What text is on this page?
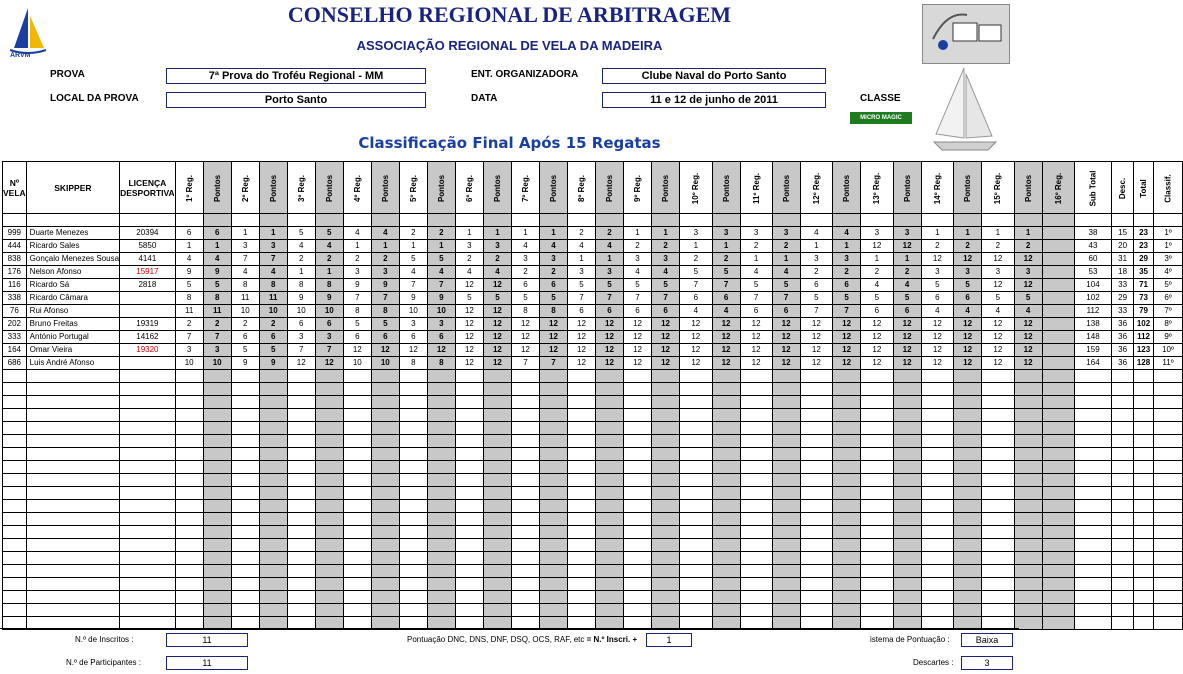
ARVM
CONSELHO REGIONAL DE ARBITRAGEM
ASSOCIAÇÃO REGIONAL DE VELA DA MADEIRA
PROVA	7ª Prova do Troféu Regional - MM	ENT. ORGANIZADORA	Clube Naval do Porto Santo
LOCAL DA PROVA	Porto Santo	DATA	11 e 12 de junho de 2011	CLASSE
MICRO MAGIC
Classificação Final Após 15 Regatas
Nº VELA	SKIPPER	LICENÇA DESPORTIVA	1º Reg.	Pontos	2º Reg.	Pontos	3º Reg.	Pontos	4º Reg.	Pontos	5º Reg.	Pontos	6º Reg.	Pontos	7º Reg.	Pontos	8º Reg.	Pontos	9º Reg.	Pontos	10º Reg.	Pontos	11º Reg.	Pontos	12º Reg.	Pontos	13º Reg.	Pontos	14º Reg.	Pontos	15º Reg.	Pontos	16º Reg.	Sub Total	Desc.	Total	Classif.

999	Duarte Menezes	20394	6	6	1	1	5	5	4	4	2	2	1	1	1	1	2	2	1	1	3	3	3	3	4	4	3	3	1	1	1	1		38	15	23	1º
444	Ricardo Sales	5850	1	1	3	3	4	4	1	1	1	1	3	3	4	4	4	4	2	2	1	1	2	2	1	1	12	12	2	2	2	2		43	20	23	1º
838	Gonçalo Menezes Sousa	4141	4	4	7	7	2	2	2	2	5	5	2	2	3	3	1	1	3	3	2	2	1	1	3	3	1	1	12	12	12	12		60	31	29	3º
176	Nelson Afonso	15917	9	9	4	4	1	1	3	3	4	4	4	4	2	2	3	3	4	4	5	5	4	4	2	2	2	2	3	3	3	3		53	18	35	4º
116	Ricardo Sá	2818	5	5	8	8	8	8	9	9	7	7	12	12	6	6	5	5	5	5	7	7	5	5	6	6	4	4	5	5	12	12		104	33	71	5º
338	Ricardo Câmara		8	8	11	11	9	9	7	7	9	9	5	5	5	5	7	7	7	7	6	6	7	7	5	5	5	5	6	6	5	5		102	29	73	6º
76	Rui Afonso		11	11	10	10	10	10	8	8	10	10	12	12	8	8	6	6	6	6	4	4	6	6	7	7	6	6	4	4	4	4		112	33	79	7º
202	Bruno Freitas	19319	2	2	2	2	6	6	5	5	3	3	12	12	12	12	12	12	12	12	12	12	12	12	12	12	12	12	12	12	12	12		138	36	102	8º
333	António Portugal	14162	7	7	6	6	3	3	6	6	6	6	12	12	12	12	12	12	12	12	12	12	12	12	12	12	12	12	12	12	12	12		148	36	112	9º
164	Omar Vieira	19320	3	3	5	5	7	7	12	12	12	12	12	12	12	12	12	12	12	12	12	12	12	12	12	12	12	12	12	12	12	12		159	36	123	10º
686	Luis André Afonso		10	10	9	9	12	12	10	10	8	8	12	12	7	7	12	12	12	12	12	12	12	12	12	12	12	12	12	12	12	12		164	36	128	11º

N.º de Inscritos :	11
N.º de Participantes :	11
Pontuação DNC, DNS, DNF, DSQ, OCS, RAF, etc = N.º Inscri. +	1	istema de Pontuação :	Baixa
Descartes :	3
